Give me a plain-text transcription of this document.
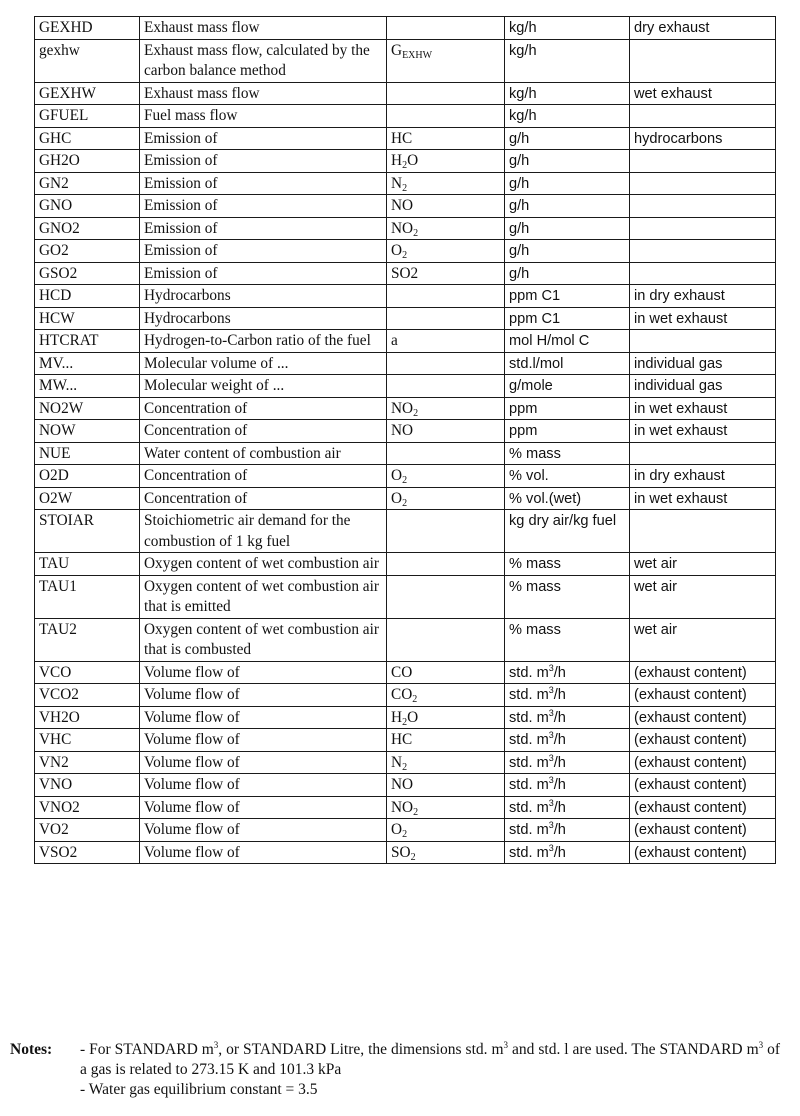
GEXHD	Exhaust mass flow		kg/h	dry exhaust
gexhw	Exhaust mass flow, calculated by the carbon balance method	$G_{EXHW}$	kg/h	
GEXHW	Exhaust mass flow		kg/h	wet exhaust
GFUEL	Fuel mass flow		kg/h	
GHC	Emission of	HC	g/h	hydrocarbons
GH2O	Emission of	$H_2O$	g/h	
GN2	Emission of	$N_2$	g/h	
GNO	Emission of	NO	g/h	
GNO2	Emission of	$NO_2$	g/h	
GO2	Emission of	$O_2$	g/h	
GSO2	Emission of	SO2	g/h	
HCD	Hydrocarbons		ppm C1	in dry exhaust
HCW	Hydrocarbons		ppm C1	in wet exhaust
HTCRAT	Hydrogen-to-Carbon ratio of the fuel	a	mol H/mol C	
MV...	Molecular volume of ...		std.l/mol	individual gas
MW...	Molecular weight of ...		g/mole	individual gas
NO2W	Concentration of	$NO_2$	ppm	in wet exhaust
NOW	Concentration of	NO	ppm	in wet exhaust
NUE	Water content of combustion air		% mass	
O2D	Concentration of	$O_2$	% vol.	in dry exhaust
O2W	Concentration of	$O_2$	% vol.(wet)	in wet exhaust
STOIAR	Stoichiometric air demand for the combustion of 1 kg fuel		kg dry air/kg fuel	
TAU	Oxygen content of wet combustion air		% mass	wet air
TAU1	Oxygen content of wet combustion air that is emitted		% mass	wet air
TAU2	Oxygen content of wet combustion air that is combusted		% mass	wet air
VCO	Volume flow of	CO	std. $m^3/h$	(exhaust content)
VCO2	Volume flow of	$CO_2$	std. $m^3/h$	(exhaust content)
VH2O	Volume flow of	$H_2O$	std. $m^3/h$	(exhaust content)
VHC	Volume flow of	HC	std. $m^3/h$	(exhaust content)
VN2	Volume flow of	$N_2$	std. $m^3/h$	(exhaust content)
VNO	Volume flow of	NO	std. $m^3/h$	(exhaust content)
VNO2	Volume flow of	$NO_2$	std. $m^3/h$	(exhaust content)
VO2	Volume flow of	$O_2$	std. $m^3/h$	(exhaust content)
VSO2	Volume flow of	$SO_2$	std. $m^3/h$	(exhaust content)
Notes:	- For STANDARD $m^3$, or STANDARD Litre, the dimensions std. $m^3$ and std. l are used. The STANDARD $m^3$ of a gas is related to 273.15 K and 101.3 kPa
- Water gas equilibrium constant = 3.5
